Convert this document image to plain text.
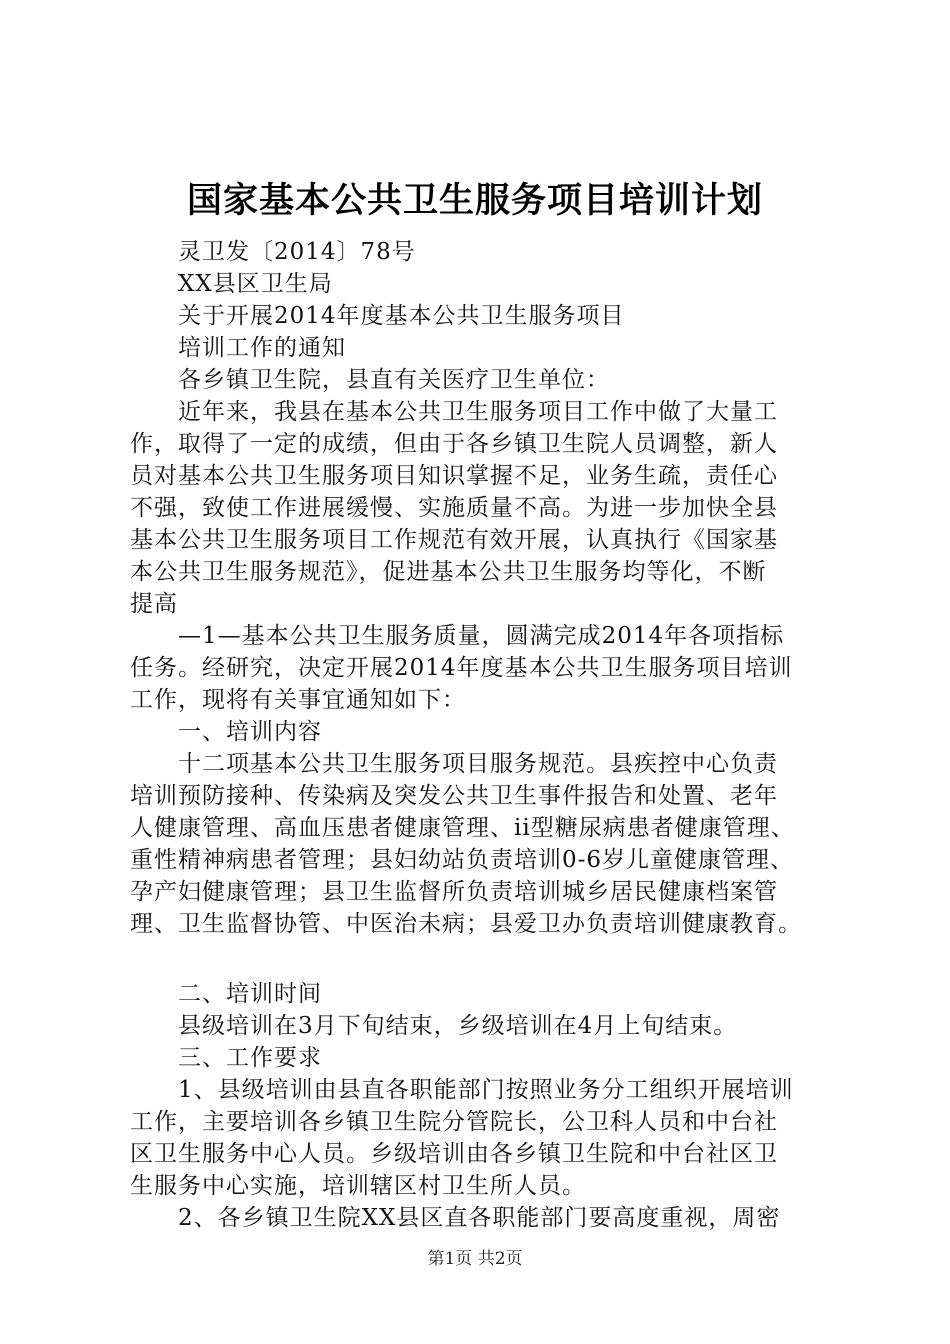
国家基本公共卫生服务项目培训计划
灵卫发〔2014〕78号
XX县区卫生局
关于开展2014年度基本公共卫生服务项目
培训工作的通知
各乡镇卫生院，县直有关医疗卫生单位：
近年来，我县在基本公共卫生服务项目工作中做了大量工
作，取得了一定的成绩，但由于各乡镇卫生院人员调整，新人
员对基本公共卫生服务项目知识掌握不足，业务生疏，责任心
不强，致使工作进展缓慢、实施质量不高。为进一步加快全县
基本公共卫生服务项目工作规范有效开展，认真执行《国家基
本公共卫生服务规范》，促进基本公共卫生服务均等化，不断
提高
—1—基本公共卫生服务质量，圆满完成2014年各项指标
任务。经研究，决定开展2014年度基本公共卫生服务项目培训
工作，现将有关事宜通知如下：
一、培训内容
十二项基本公共卫生服务项目服务规范。县疾控中心负责
培训预防接种、传染病及突发公共卫生事件报告和处置、老年
人健康管理、高血压患者健康管理、ii型糖尿病患者健康管理、
重性精神病患者管理；县妇幼站负责培训0-6岁儿童健康管理、
孕产妇健康管理；县卫生监督所负责培训城乡居民健康档案管
理、卫生监督协管、中医治未病；县爱卫办负责培训健康教育。
二、培训时间
县级培训在3月下旬结束，乡级培训在4月上旬结束。
三、工作要求
1、县级培训由县直各职能部门按照业务分工组织开展培训
工作，主要培训各乡镇卫生院分管院长，公卫科人员和中台社
区卫生服务中心人员。乡级培训由各乡镇卫生院和中台社区卫
生服务中心实施，培训辖区村卫生所人员。
2、各乡镇卫生院XX县区直各职能部门要高度重视，周密
第1页 共2页
